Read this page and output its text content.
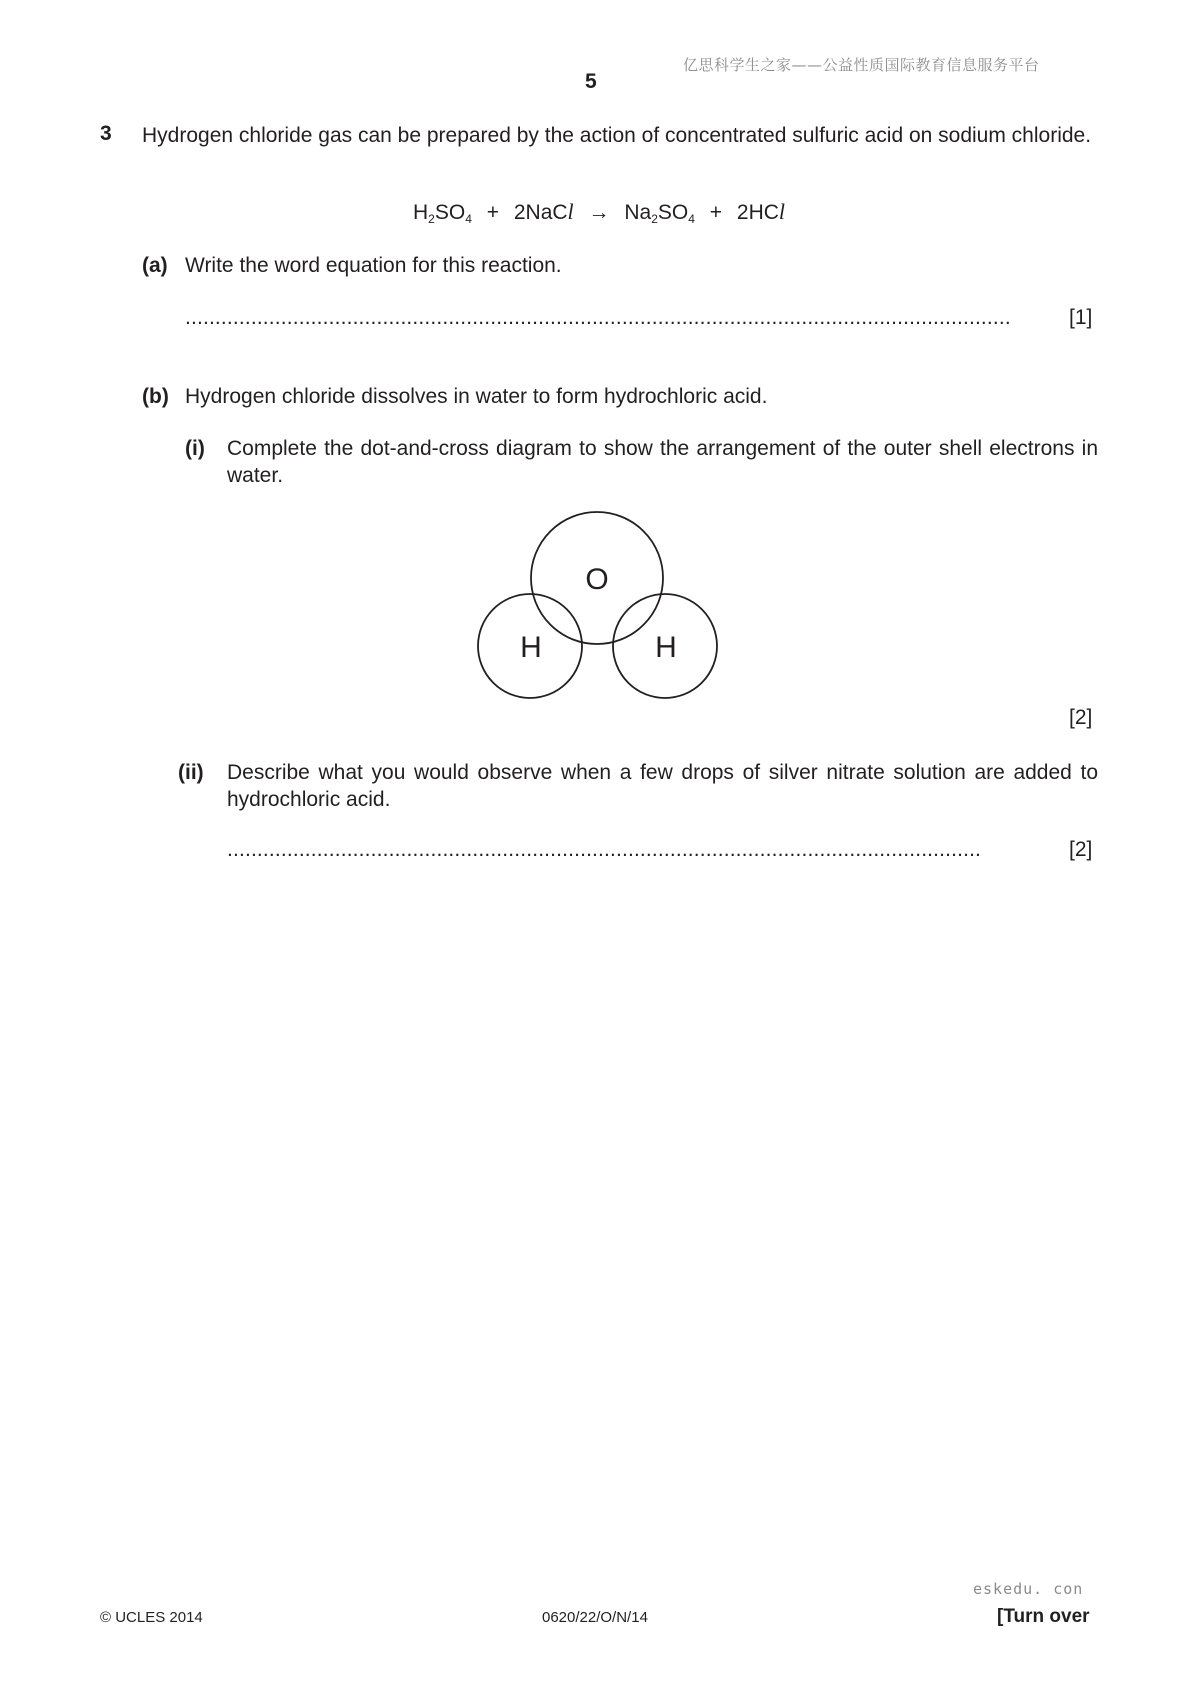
亿思科学生之家——公益性质国际教育信息服务平台
5
3 Hydrogen chloride gas can be prepared by the action of concentrated sulfuric acid on sodium chloride.
$H_2SO_4$ + 2NaCl → $Na_2SO_4 + 2HCl$
(a) Write the word equation for this reaction.
..........................................................................................................................................	[1]
(b) Hydrogen chloride dissolves in water to form hydrochloric acid.
(i) Complete the dot-and-cross diagram to show the arrangement of the outer shell electrons in water.
O
H	H
[2]
(ii) Describe what you would observe when a few drops of silver nitrate solution are added to hydrochloric acid.
..............................................................................................................................	[2]
eskedu. con
© UCLES 2014	0620/22/O/N/14	[Turn over
